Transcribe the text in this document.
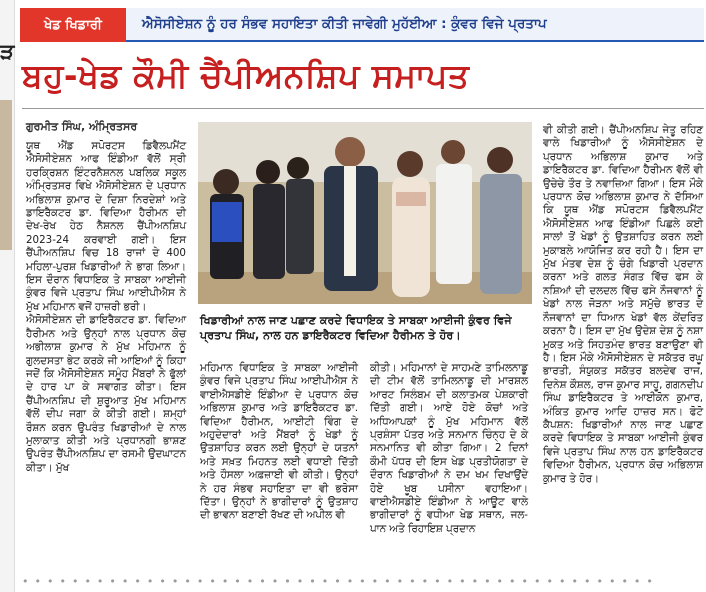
ੜ
ਖੇਡ ਖਿਡਾਰੀ	ਐਸੋਸੀਏਸ਼ਨ ਨੂੰ ਹਰ ਸੰਭਵ ਸਹਾਇਤਾ ਕੀਤੀ ਜਾਵੇਗੀ ਮੁਹੱਈਆ : ਕੁੰਵਰ ਵਿਜੇ ਪ੍ਰਤਾਪ
ਬਹੁ-ਖੇਡ ਕੌਮੀ ਚੈਂਪੀਅਨਸ਼ਿਪ ਸਮਾਪਤ
ਗੁਰਮੀਤ ਸਿੰਘ, ਅੰਮ੍ਰਿਤਸਰ

ਯੂਥ ਐਂਡ ਸਪੋਰਟਸ ਡਿਵੈਲਪਮੈਂਟ ਐਸੋਸੀਏਸ਼ਨ ਆਫ ਇੰਡੀਆ ਵੱਲੋਂ ਸ੍ਰੀ ਹਰਕ੍ਰਿਸ਼ਨ ਇੰਟਰਨੈਸ਼ਨਲ ਪਬਲਿਕ ਸਕੂਲ ਅੰਮ੍ਰਿਤਸਰ ਵਿਖੇ ਐਸੋਸੀਏਸ਼ਨ ਦੇ ਪ੍ਰਧਾਨ ਅਭਿਲਾਸ਼ ਕੁਮਾਰ ਦੇ ਦਿਸ਼ਾ ਨਿਰਦੇਸ਼ਾਂ ਅਤੇ ਡਾਇਰੈਕਟਰ ਡਾ. ਵਿਦਿਆ ਹੈਰੀਮਨ ਦੀ ਦੇਖ-ਰੇਖ ਹੇਠ ਨੈਸ਼ਨਲ ਚੈਂਪੀਅਨਸ਼ਿਪ 2023-24 ਕਰਵਾਈ ਗਈ। ਇਸ ਚੈਂਪੀਅਨਸ਼ਿਪ ਵਿਚ 18 ਰਾਜਾਂ ਦੇ 400 ਮਹਿਲਾ-ਪੁਰਸ਼ ਖਿਡਾਰੀਆਂ ਨੇ ਭਾਗ ਲਿਆ। ਇਸ ਦੌਰਾਨ ਵਿਧਾਇਕ ਤੇ ਸਾਬਕਾ ਆਈਜੀ ਕੁੰਵਰ ਵਿਜੇ ਪ੍ਰਤਾਪ ਸਿੰਘ ਆਈਪੀਐਸ ਨੇ ਮੁੱਖ ਮਹਿਮਾਨ ਵਜੋਂ ਹਾਜ਼ਰੀ ਭਰੀ।

ਐਸੋਸੀਏਸ਼ਨ ਦੀ ਡਾਇਰੈਕਟਰ ਡਾ. ਵਿਦਿਆ ਹੈਰੀਮਨ ਅਤੇ ਉਨ੍ਹਾਂ ਨਾਲ ਪ੍ਰਧਾਨ ਕੋਚ ਅਭੀਲਾਸ਼ ਕੁਮਾਰ ਨੇ ਮੁੱਖ ਮਹਿਮਾਨ ਨੂੰ ਗੁਲਦਸਤਾ ਭੇਟ ਕਰਕੇ ਜੀ ਆਇਆਂ ਨੂੰ ਕਿਹਾ ਜਦੋਂ ਕਿ ਐਸੋਸੀਏਸ਼ਨ ਸਮੂੰਹ ਮੈਂਬਰਾਂ ਨੇ ਫੁੱਲਾਂ ਦੇ ਹਾਰ ਪਾ ਕੇ ਸਵਾਗਤ ਕੀਤਾ। ਇਸ ਚੈਂਪੀਅਨਸ਼ਿਪ ਦੀ ਸ਼ੁਰੂਆਤ ਮੁੱਖ ਮਹਿਮਾਨ ਵੱਲੋਂ ਦੀਪ ਜਗਾ ਕੇ ਕੀਤੀ ਗਈ। ਸ਼ਮ੍ਹਾਂ ਰੌਸ਼ਨ ਕਰਨ ਉਪਰੰਤ ਖਿਡਾਰੀਆਂ ਦੇ ਨਾਲ ਮੁਲਾਕਾਤ ਕੀਤੀ ਅਤੇ ਪ੍ਰਧਾਨਗੀ ਭਾਸ਼ਣ ਉਪਰੰਤ ਚੈਂਪੀਅਨਸ਼ਿਪ ਦਾ ਰਸਮੀ ਉਦਘਾਟਨ ਕੀਤਾ। ਮੁੱਖ

ਖਿਡਾਰੀਆਂ ਨਾਲ ਜਾਣ ਪਛਾਣ ਕਰਦੇ ਵਿਧਾਇਕ ਤੇ ਸਾਬਕਾ ਆਈਜੀ ਕੁੰਵਰ ਵਿਜੇ ਪ੍ਰਤਾਪ ਸਿੰਘ, ਨਾਲ ਹਨ ਡਾਇਰੈਕਟਰ ਵਿਦਿਆ ਹੈਰੀਮਨ ਤੇ ਹੋਰ।

ਮਹਿਮਾਨ ਵਿਧਾਇਕ ਤੇ ਸਾਬਕਾ ਆਈਜੀ ਕੁੰਵਰ ਵਿਜੇ ਪ੍ਰਤਾਪ ਸਿੰਘ ਆਈਪੀਐਸ ਨੇ ਵਾਈਐਸਡੀਏ ਇੰਡੀਆ ਦੇ ਪ੍ਰਧਾਨ ਕੋਚ ਅਭਿਲਾਸ਼ ਕੁਮਾਰ ਅਤੇ ਡਾਇਰੈਕਟਰ ਡਾ. ਵਿਦਿਆ ਹੈਰੀਮਨ, ਆਈਟੀ ਵਿੰਗ ਦੇ ਅਹੁਦੇਦਾਰਾਂ ਅਤੇ ਮੈਂਬਰਾਂ ਨੂੰ ਖੇਡਾਂ ਨੂੰ ਉਤਸ਼ਾਹਿਤ ਕਰਨ ਲਈ ਉਨ੍ਹਾਂ ਦੇ ਯਤਨਾਂ ਅਤੇ ਸਖ਼ਤ ਮਿਹਨਤ ਲਈ ਵਧਾਈ ਦਿੱਤੀ ਅਤੇ ਹੌਸਲਾ ਅਫ਼ਜ਼ਾਈ ਵੀ ਕੀਤੀ। ਉਨ੍ਹਾਂ ਨੇ ਹਰ ਸੰਭਵ ਸਹਾਇਤਾ ਦਾ ਵੀ ਭਰੋਸਾ ਦਿੱਤਾ। ਉਨ੍ਹਾਂ ਨੇ ਭਾਗੀਦਾਰਾਂ ਨੂੰ ਉਤਸ਼ਾਹ ਦੀ ਭਾਵਨਾ ਬਣਾਈ ਰੱਖਣ ਦੀ ਅਪੀਲ ਵੀ

ਕੀਤੀ। ਮਹਿਮਾਨਾਂ ਦੇ ਸਾਹਮਣੇ ਤਾਮਿਲਨਾਡੂ ਦੀ ਟੀਮ ਵੱਲੋਂ ਤਾਮਿਲਨਾਡੂ ਦੀ ਮਾਰਸ਼ਲ ਆਰਟ ਸਿਲੰਬਮ ਦੀ ਕਲਾਤਮਕ ਪੇਸ਼ਕਾਰੀ ਦਿੱਤੀ ਗਈ। ਆਏ ਹੋਏ ਕੋਚਾਂ ਅਤੇ ਅਧਿਆਪਕਾਂ ਨੂੰ ਮੁੱਖ ਮਹਿਮਾਨ ਵੱਲੋਂ ਪ੍ਰਸ਼ੰਸਾ ਪੱਤਰ ਅਤੇ ਸਨਮਾਨ ਚਿੰਨ੍ਹ ਦੇ ਕੇ ਸਨਮਾਨਿਤ ਵੀ ਕੀਤਾ ਗਿਆ। 2 ਦਿਨਾਂ ਕੌਮੀ ਪੱਧਰ ਦੀ ਇਸ ਖੇਡ ਪ੍ਰਤੀਯੋਗਤਾ ਦੇ ਦੌਰਾਨ ਖਿਡਾਰੀਆਂ ਨੇ ਦਮ ਖਮ ਦਿਖਾਉਂਦੇ ਹੋਏ ਖੂਬ ਪਸੀਨਾ ਵਹਾਇਆ। ਵਾਈਐਸਡੀਏ ਇੰਡੀਆ ਨੇ ਆਊਟ ਵਾਲੇ ਭਾਗੀਦਾਰਾਂ ਨੂੰ ਵਧੀਆ ਖੇਡ ਸਥਾਨ, ਜਲ-ਪਾਨ ਅਤੇ ਰਿਹਾਇਸ਼ ਪ੍ਰਦਾਨ

ਵੀ ਕੀਤੀ ਗਈ। ਚੈਂਪੀਅਨਸ਼ਿਪ ਜੇਤੂ ਰਹਿਣ ਵਾਲੇ ਖਿਡਾਰੀਆਂ ਨੂੰ ਐਸੋਸੀਏਸ਼ਨ ਦੇ ਪ੍ਰਧਾਨ ਅਭਿਲਾਸ਼ ਕੁਮਾਰ ਅਤੇ ਡਾਇਰੈਕਟਰ ਡਾ. ਵਿਦਿਆ ਹੈਰੀਮਨ ਵੱਲੋਂ ਵੀ ਉਚੇਚੇ ਤੌਰ ਤੇ ਨਵਾਜ਼ਿਆ ਗਿਆ। ਇਸ ਮੌਕੇ ਪ੍ਰਧਾਨ ਕੋਚ ਅਭਿਲਾਸ਼ ਕੁਮਾਰ ਨੇ ਦੱਸਿਆ ਕਿ ਯੂਥ ਐਂਡ ਸਪੋਰਟਸ ਡਿਵੈਲਪਮੈਂਟ ਐਸੋਸੀਏਸ਼ਨ ਆਫ ਇੰਡੀਆ ਪਿਛਲੇ ਕਈ ਸਾਲਾਂ ਤੋਂ ਖੇਡਾਂ ਨੂੰ ਉਤਸ਼ਾਹਿਤ ਕਰਨ ਲਈ ਮੁਕਾਬਲੇ ਆਯੋਜਿਤ ਕਰ ਰਹੀ ਹੈ। ਇਸ ਦਾ ਮੁੱਖ ਮੰਤਵ ਦੇਸ਼ ਨੂੰ ਚੰਗੇ ਖਿਡਾਰੀ ਪ੍ਰਦਾਨ ਕਰਨਾ ਅਤੇ ਗਲਤ ਸੰਗਤ ਵਿੱਚ ਫਸ ਕੇ ਨਸ਼ਿਆਂ ਦੀ ਦਲਦਲ ਵਿੱਚ ਫਸੇ ਨੌਜਵਾਨਾਂ ਨੂੰ ਖੇਡਾਂ ਨਾਲ ਜੋੜਨਾ ਅਤੇ ਸਮੁੱਚੇ ਭਾਰਤ ਦੇ ਨੌਜਵਾਨਾਂ ਦਾ ਧਿਆਨ ਖੇਡਾਂ ਵੱਲ ਕੇਂਦਰਿਤ ਕਰਨਾ ਹੈ। ਇਸ ਦਾ ਮੁੱਖ ਉਦੇਸ਼ ਦੇਸ਼ ਨੂੰ ਨਸ਼ਾ ਮੁਕਤ ਅਤੇ ਸਿਹਤਮੰਦ ਭਾਰਤ ਬਣਾਉਣਾ ਵੀ ਹੈ। ਇਸ ਮੌਕੇ ਐਸੋਸੀਏਸ਼ਨ ਦੇ ਸਕੱਤਰ ਰਘੂ ਭਾਰਤੀ, ਸੰਯੁਕਤ ਸਕੱਤਰ ਬਲਦੇਵ ਰਾਜ, ਦਿਨੇਸ਼ ਕੌਸ਼ਲ, ਰਾਜ ਕੁਮਾਰ ਸਾਹੂ, ਗਗਨਦੀਪ ਸਿੰਘ ਡਾਇਰੈਕਟਰ ਤੇ ਆਈਕੋਨ ਕੁਮਾਰ, ਅੰਕਿਤ ਕੁਮਾਰ ਆਦਿ ਹਾਜ਼ਰ ਸਨ। ਫੋਟੋ ਕੈਪਸ਼ਨ: ਖਿਡਾਰੀਆਂ ਨਾਲ ਜਾਣ ਪਛਾਣ ਕਰਦੇ ਵਿਧਾਇਕ ਤੇ ਸਾਬਕਾ ਆਈਜੀ ਕੁੰਵਰ ਵਿਜੇ ਪ੍ਰਤਾਪ ਸਿੰਘ ਨਾਲ ਹਨ ਡਾਇਰੈਕਟਰ ਵਿਦਿਆ ਹੈਰੀਮਨ, ਪ੍ਰਧਾਨ ਕੋਚ ਅਭਿਲਾਸ਼ ਕੁਮਾਰ ਤੇ ਹੋਰ।

•••••••••••••••••••••••••••••••••••••••••••••••••••
